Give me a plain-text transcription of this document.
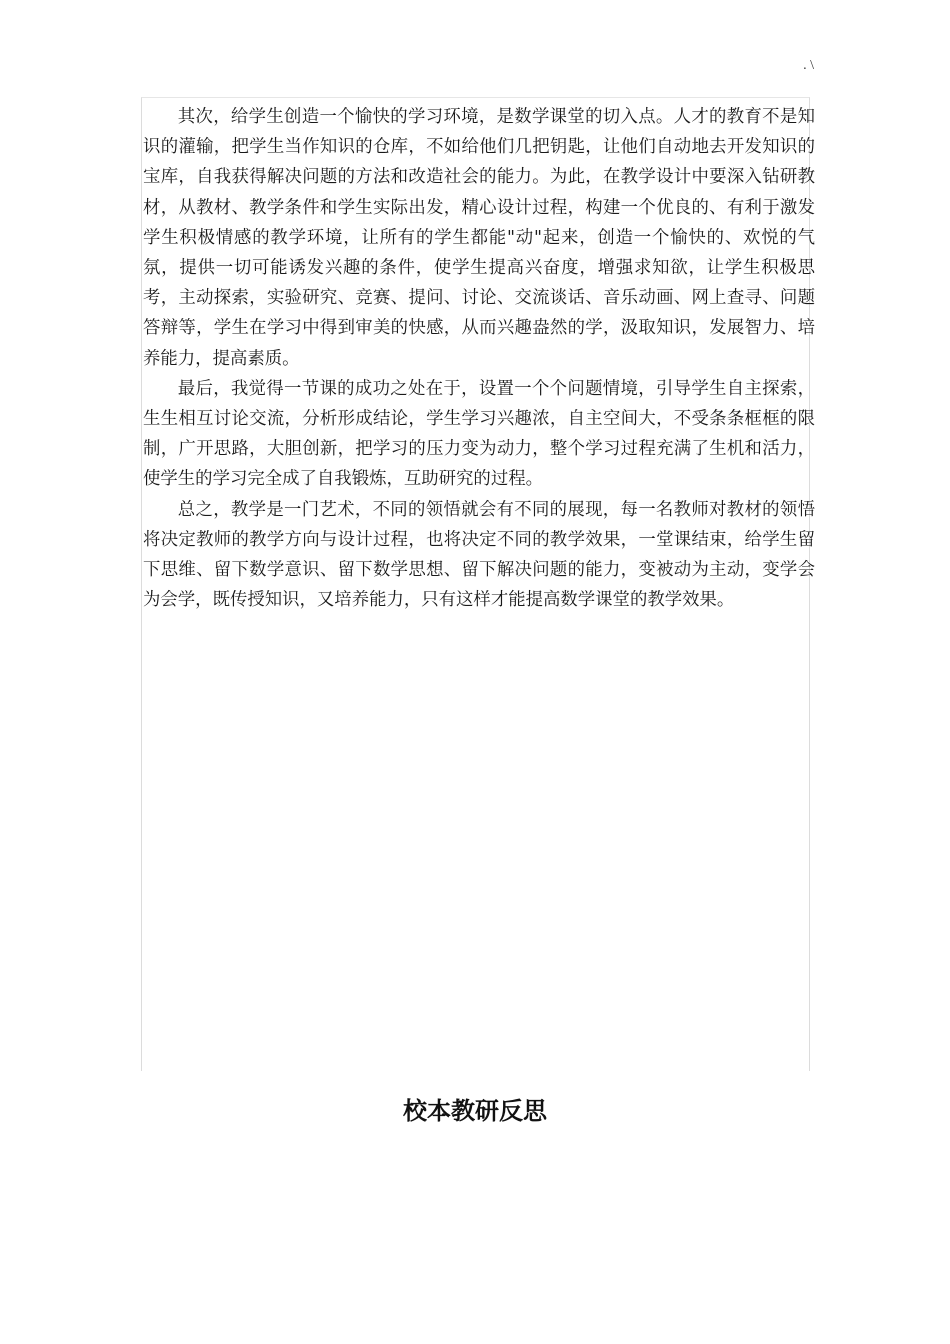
. \

其次，给学生创造一个愉快的学习环境，是数学课堂的切入点。人才的教育不是知识的灌输，把学生当作知识的仓库，不如给他们几把钥匙，让他们自动地去开发知识的宝库，自我获得解决问题的方法和改造社会的能力。为此，在教学设计中要深入钻研教材，从教材、教学条件和学生实际出发，精心设计过程，构建一个优良的、有利于激发学生积极情感的教学环境，让所有的学生都能"动"起来，创造一个愉快的、欢悦的气氛，提供一切可能诱发兴趣的条件，使学生提高兴奋度，增强求知欲，让学生积极思考，主动探索，实验研究、竞赛、提问、讨论、交流谈话、音乐动画、网上查寻、问题答辩等，学生在学习中得到审美的快感，从而兴趣盎然的学，汲取知识，发展智力、培养能力，提高素质。

最后，我觉得一节课的成功之处在于，设置一个个问题情境，引导学生自主探索，生生相互讨论交流，分析形成结论，学生学习兴趣浓，自主空间大，不受条条框框的限制，广开思路，大胆创新，把学习的压力变为动力，整个学习过程充满了生机和活力，使学生的学习完全成了自我锻炼，互助研究的过程。

总之，教学是一门艺术，不同的领悟就会有不同的展现，每一名教师对教材的领悟将决定教师的教学方向与设计过程，也将决定不同的教学效果，一堂课结束，给学生留下思维、留下数学意识、留下数学思想、留下解决问题的能力，变被动为主动，变学会为会学，既传授知识，又培养能力，只有这样才能提高数学课堂的教学效果。

校本教研反思
